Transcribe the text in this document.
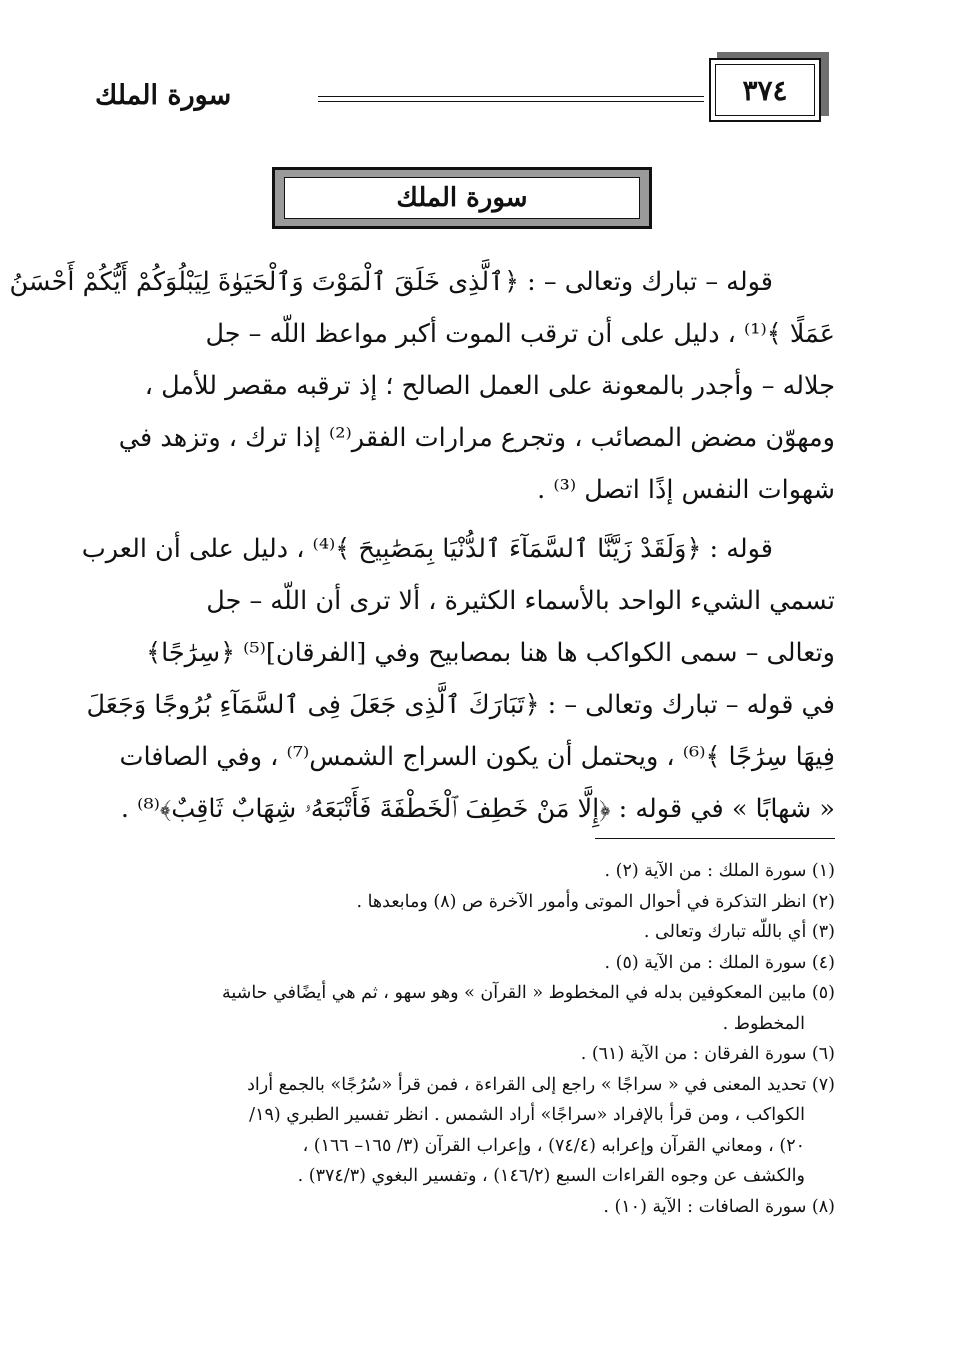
سورة الملك	٣٧٤
سورة الملك
قوله – تبارك وتعالى – : ﴿ٱلَّذِى خَلَقَ ٱلْمَوْتَ وَٱلْحَيَوٰةَ لِيَبْلُوَكُمْ أَيُّكُمْ أَحْسَنُ
عَمَلًا ﴾⁽¹⁾ ، دليل على أن ترقب الموت أكبر مواعظ اللّه – جل
جلاله – وأجدر بالمعونة على العمل الصالح ؛ إذ ترقبه مقصر للأمل ،
ومهوّن مضض المصائب ، وتجرع مرارات الفقر⁽²⁾ إذا ترك ، وتزهد في
شهوات النفس إذًا اتصل ⁽³⁾ .
قوله : ﴿وَلَقَدْ زَيَّنَّا ٱلسَّمَآءَ ٱلدُّنْيَا بِمَصَٰبِيحَ ﴾⁽⁴⁾ ، دليل على أن العرب
تسمي الشيء الواحد بالأسماء الكثيرة ، ألا ترى أن اللّه – جل
وتعالى – سمى الكواكب ها هنا بمصابيح وفي [الفرقان]⁽⁵⁾ ﴿سِرَٰجًا﴾
في قوله – تبارك وتعالى – : ﴿تَبَارَكَ ٱلَّذِى جَعَلَ فِى ٱلسَّمَآءِ بُرُوجًا وَجَعَلَ
فِيهَا سِرَٰجًا ﴾⁽⁶⁾ ، ويحتمل أن يكون السراج الشمس⁽⁷⁾ ، وفي الصافات
« شهابًا » في قوله : ﴿إِلَّا مَنْ خَطِفَ ٱلْخَطْفَةَ فَأَتْبَعَهُۥ شِهَابٌ ثَاقِبٌ﴾⁽⁸⁾ .
(١) سورة الملك : من الآية (٢) .
(٢) انظر التذكرة في أحوال الموتى وأمور الآخرة ص (٨) ومابعدها .
(٣) أي باللّه تبارك وتعالى .
(٤) سورة الملك : من الآية (٥) .
(٥) مابين المعكوفين بدله في المخطوط « القرآن » وهو سهو ، ثم هي أيضًافي حاشية
المخطوط .
(٦) سورة الفرقان : من الآية (٦١) .
(٧) تحديد المعنى في « سراجًا » راجع إلى القراءة ، فمن قرأ «سُرُجًا» بالجمع أراد
الكواكب ، ومن قرأ بالإفراد «سراجًا» أراد الشمس . انظر تفسير الطبري (١٩/
٢٠) ، ومعاني القرآن وإعرابه (٧٤/٤) ، وإعراب القرآن (٣/ ١٦٥– ١٦٦) ،
والكشف عن وجوه القراءات السبع (١٤٦/٢) ، وتفسير البغوي (٣٧٤/٣) .
(٨) سورة الصافات : الآية (١٠) .
